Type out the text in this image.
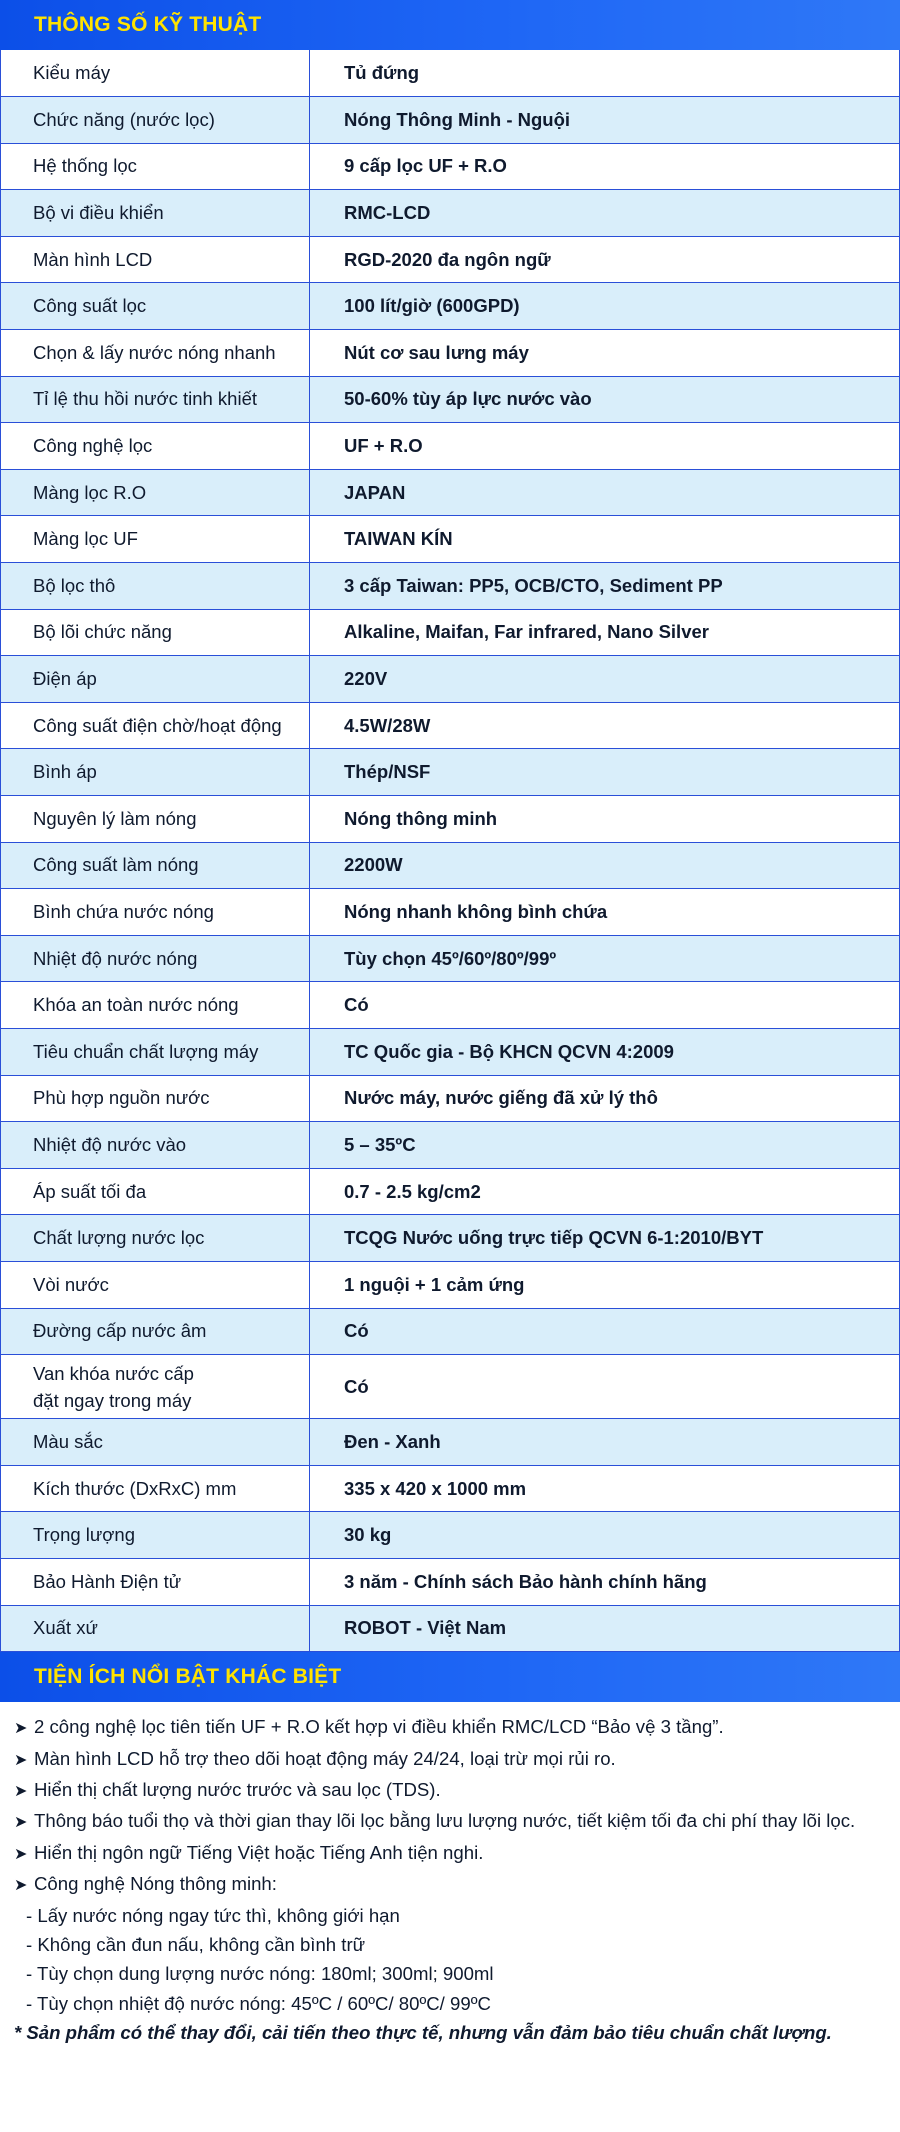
THÔNG SỐ KỸ THUẬT
Kiểu máy	Tủ đứng
Chức năng (nước lọc)	Nóng Thông Minh - Nguội
Hệ thống lọc	9 cấp lọc UF + R.O
Bộ vi điều khiển	RMC-LCD
Màn hình LCD	RGD-2020 đa ngôn ngữ
Công suất lọc	100 lít/giờ (600GPD)
Chọn & lấy nước nóng nhanh	Nút cơ sau lưng máy
Tỉ lệ thu hồi nước tinh khiết	50-60% tùy áp lực nước vào
Công nghệ lọc	UF + R.O
Màng lọc R.O	JAPAN
Màng lọc UF	TAIWAN KÍN
Bộ lọc thô	3 cấp Taiwan: PP5, OCB/CTO, Sediment PP
Bộ lõi chức năng	Alkaline, Maifan, Far infrared, Nano Silver
Điện áp	220V
Công suất điện chờ/hoạt động	4.5W/28W
Bình áp	Thép/NSF
Nguyên lý làm nóng	Nóng thông minh
Công suất làm nóng	2200W
Bình chứa nước nóng	Nóng nhanh không bình chứa
Nhiệt độ nước nóng	Tùy chọn 45º/60º/80º/99º
Khóa an toàn nước nóng	Có
Tiêu chuẩn chất lượng máy	TC Quốc gia - Bộ KHCN QCVN 4:2009
Phù hợp nguồn nước	Nước máy, nước giếng đã xử lý thô
Nhiệt độ nước vào	5 – 35ºC
Áp suất tối đa	0.7 - 2.5 kg/cm2
Chất lượng nước lọc	TCQG Nước uống trực tiếp QCVN 6-1:2010/BYT
Vòi nước	1 nguội + 1 cảm ứng
Đường cấp nước âm	Có
Van khóa nước cấp
đặt ngay trong máy	Có
Màu sắc	Đen - Xanh
Kích thước (DxRxC) mm	335 x 420 x 1000 mm
Trọng lượng	30 kg
Bảo Hành Điện tử	3 năm - Chính sách Bảo hành chính hãng
Xuất xứ	ROBOT - Việt Nam
TIỆN ÍCH NỔI BẬT KHÁC BIỆT
➤ 2 công nghệ lọc tiên tiến UF + R.O kết hợp vi điều khiển RMC/LCD “Bảo vệ 3 tầng”.
➤ Màn hình LCD hỗ trợ theo dõi hoạt động máy 24/24, loại trừ mọi rủi ro.
➤ Hiển thị chất lượng nước trước và sau lọc (TDS).
➤ Thông báo tuổi thọ và thời gian thay lõi lọc bằng lưu lượng nước, tiết kiệm tối đa chi phí thay lõi lọc.
➤ Hiển thị ngôn ngữ Tiếng Việt hoặc Tiếng Anh tiện nghi.
➤ Công nghệ Nóng thông minh:
- Lấy nước nóng ngay tức thì, không giới hạn
- Không cần đun nấu, không cần bình trữ
- Tùy chọn dung lượng nước nóng: 180ml; 300ml; 900ml
- Tùy chọn nhiệt độ nước nóng: 45ºC / 60ºC/ 80ºC/ 99ºC
* Sản phẩm có thể thay đổi, cải tiến theo thực tế, nhưng vẫn đảm bảo tiêu chuẩn chất lượng.
